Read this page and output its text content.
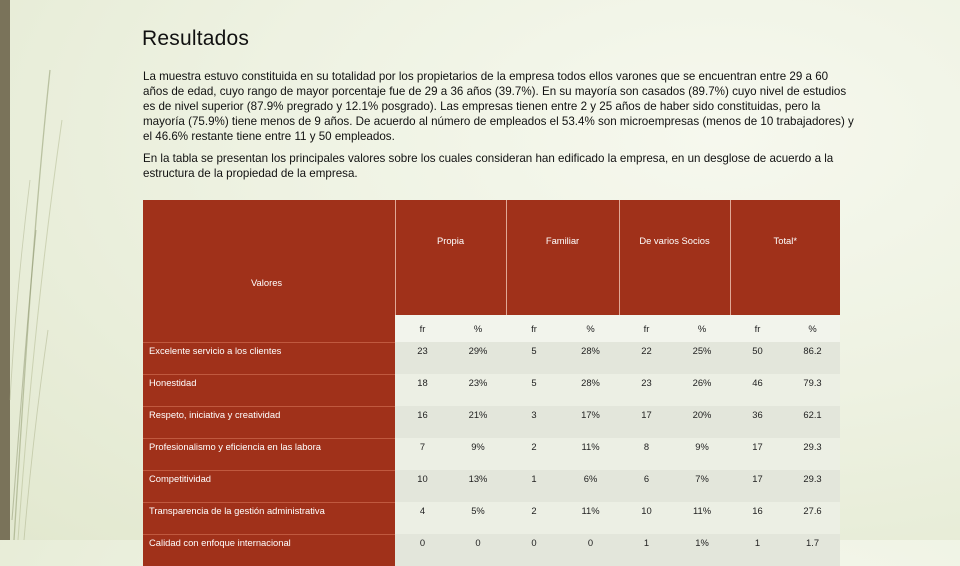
Resultados

La muestra estuvo constituida en su totalidad por los propietarios de la empresa todos ellos varones que se encuentran entre 29 a 60 años de edad, cuyo rango de mayor porcentaje fue de 29 a 36 años (39.7%). En su mayoría son casados (89.7%) cuyo nivel de estudios es de nivel superior (87.9% pregrado y 12.1% posgrado). Las empresas tienen entre 2 y 25 años de haber sido constituidas, pero la mayoría (75.9%) tiene menos de 9 años. De acuerdo al número de empleados el 53.4% son microempresas (menos de 10 trabajadores) y el 46.6% restante tiene entre 11 y 50 empleados.

En la tabla se presentan los principales valores sobre los cuales consideran han edificado la empresa, en un desglose de acuerdo a la estructura de la propiedad de la empresa.

Valores	Propia		Familiar		De varios Socios		Total*	
	fr	%	fr	%	fr	%	fr	%
Excelente servicio a los clientes	23	29%	5	28%	22	25%	50	86.2
Honestidad	18	23%	5	28%	23	26%	46	79.3
Respeto, iniciativa y creatividad	16	21%	3	17%	17	20%	36	62.1
Profesionalismo y eficiencia en las labora	7	9%	2	11%	8	9%	17	29.3
Competitividad	10	13%	1	6%	6	7%	17	29.3
Transparencia de la gestión administrativa	4	5%	2	11%	10	11%	16	27.6
Calidad con enfoque internacional	0	0	0	0	1	1%	1	1.7
